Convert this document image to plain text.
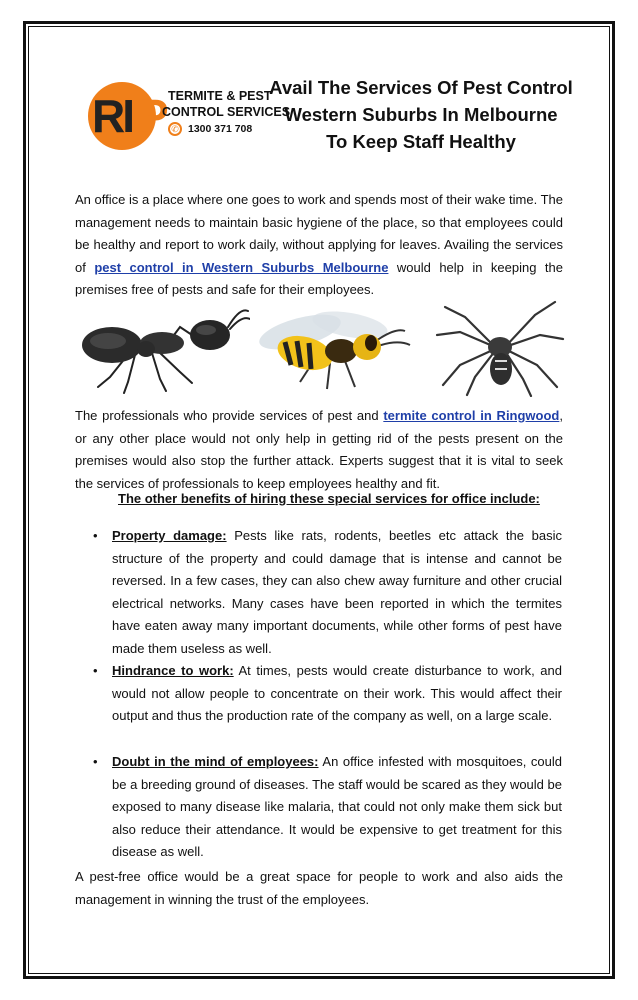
RI P TERMITE & PEST
CONTROL SERVICES
✆ 1300 371 708
Avail The Services Of Pest Control
Western Suburbs In Melbourne
To Keep Staff Healthy
An office is a place where one goes to work and spends most of their wake time. The management needs to maintain basic hygiene of the place, so that employees could be healthy and report to work daily, without applying for leaves. Availing the services of pest control in Western Suburbs Melbourne would help in keeping the premises free of pests and safe for their employees.
The professionals who provide services of pest and termite control in Ringwood, or any other place would not only help in getting rid of the pests present on the premises would also stop the further attack. Experts suggest that it is vital to seek the services of professionals to keep employees healthy and fit.
The other benefits of hiring these special services for office include:
• Property damage: Pests like rats, rodents, beetles etc attack the basic structure of the property and could damage that is intense and cannot be reversed. In a few cases, they can also chew away furniture and other crucial electrical networks. Many cases have been reported in which the termites have eaten away many important documents, while other forms of pest have made them useless as well.
• Hindrance to work: At times, pests would create disturbance to work, and would not allow people to concentrate on their work. This would affect their output and thus the production rate of the company as well, on a large scale.
• Doubt in the mind of employees: An office infested with mosquitoes, could be a breeding ground of diseases. The staff would be scared as they would be exposed to many disease like malaria, that could not only make them sick but also reduce their attendance. It would be expensive to get treatment for this disease as well.
A pest-free office would be a great space for people to work and also aids the management in winning the trust of the employees.
